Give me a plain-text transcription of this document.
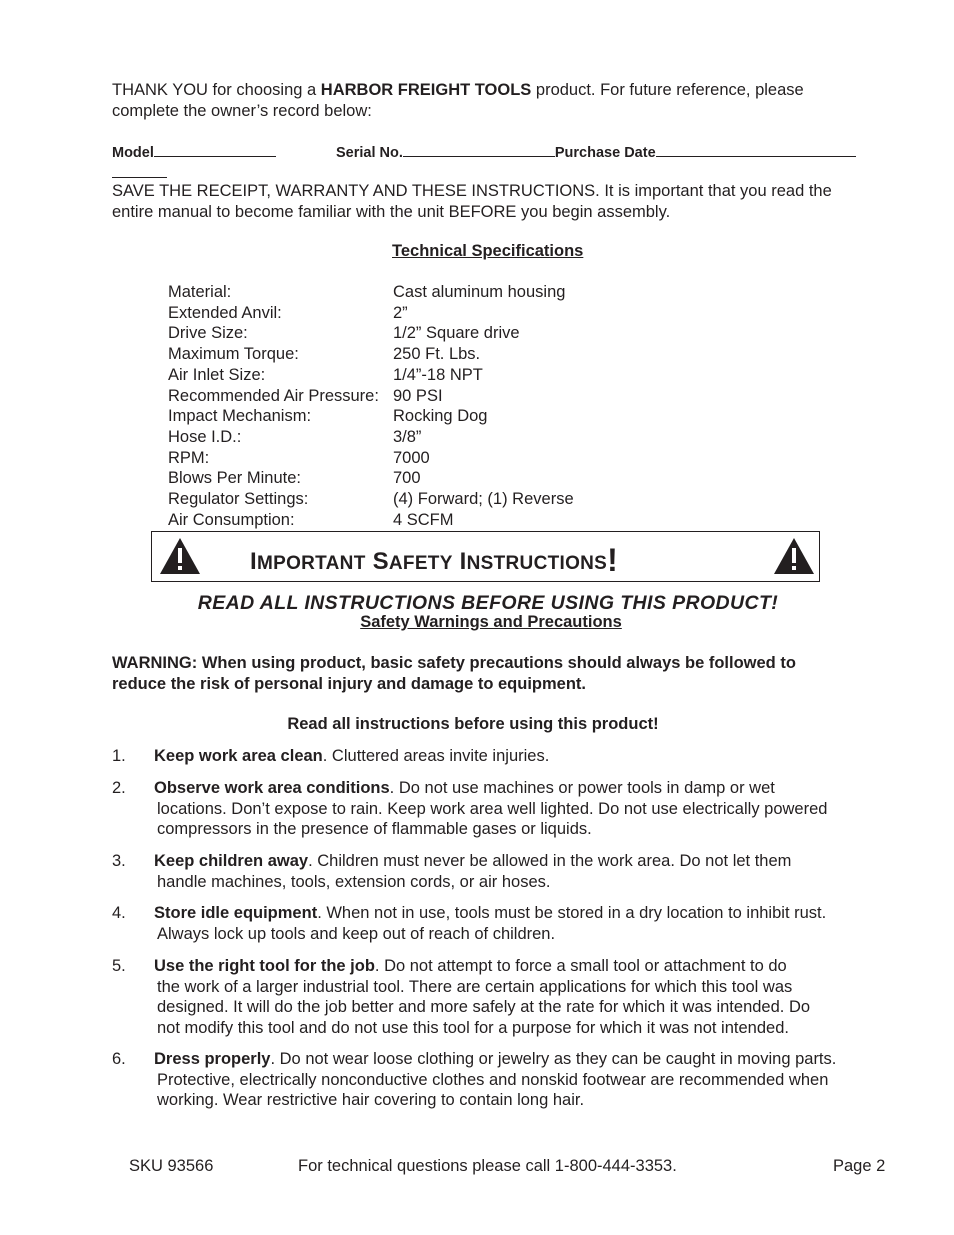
THANK YOU for choosing a HARBOR FREIGHT TOOLS product. For future reference, please
complete the owner’s record below:
Model	Serial No.	Purchase Date
SAVE THE RECEIPT, WARRANTY AND THESE INSTRUCTIONS. It is important that you read the
entire manual to become familiar with the unit BEFORE you begin assembly.
Technical Specifications
Material:	Cast aluminum housing
Extended Anvil:	2”
Drive Size:	1/2” Square drive
Maximum Torque:	250 Ft. Lbs.
Air Inlet Size:	1/4”-18 NPT
Recommended Air Pressure: 90 PSI
Impact Mechanism:	Rocking Dog
Hose I.D.:	3/8”
RPM:	7000
Blows Per Minute:	700
Regulator Settings:	(4) Forward; (1) Reverse
Air Consumption:	4 SCFM
IMPORTANT SAFETY INSTRUCTIONS!
READ ALL INSTRUCTIONS BEFORE USING THIS PRODUCT!
Safety Warnings and Precautions
WARNING: When using product, basic safety precautions should always be followed to
reduce the risk of personal injury and damage to equipment.
Read all instructions before using this product!
1. Keep work area clean. Cluttered areas invite injuries.
2. Observe work area conditions. Do not use machines or power tools in damp or wet
locations. Don’t expose to rain. Keep work area well lighted. Do not use electrically powered
compressors in the presence of flammable gases or liquids.
3. Keep children away. Children must never be allowed in the work area. Do not let them
handle machines, tools, extension cords, or air hoses.
4. Store idle equipment. When not in use, tools must be stored in a dry location to inhibit rust.
Always lock up tools and keep out of reach of children.
5. Use the right tool for the job. Do not attempt to force a small tool or attachment to do
the work of a larger industrial tool. There are certain applications for which this tool was
designed. It will do the job better and more safely at the rate for which it was intended. Do
not modify this tool and do not use this tool for a purpose for which it was not intended.
6. Dress properly. Do not wear loose clothing or jewelry as they can be caught in moving parts.
Protective, electrically nonconductive clothes and nonskid footwear are recommended when
working. Wear restrictive hair covering to contain long hair.
SKU 93566	For technical questions please call 1-800-444-3353.	Page 2
